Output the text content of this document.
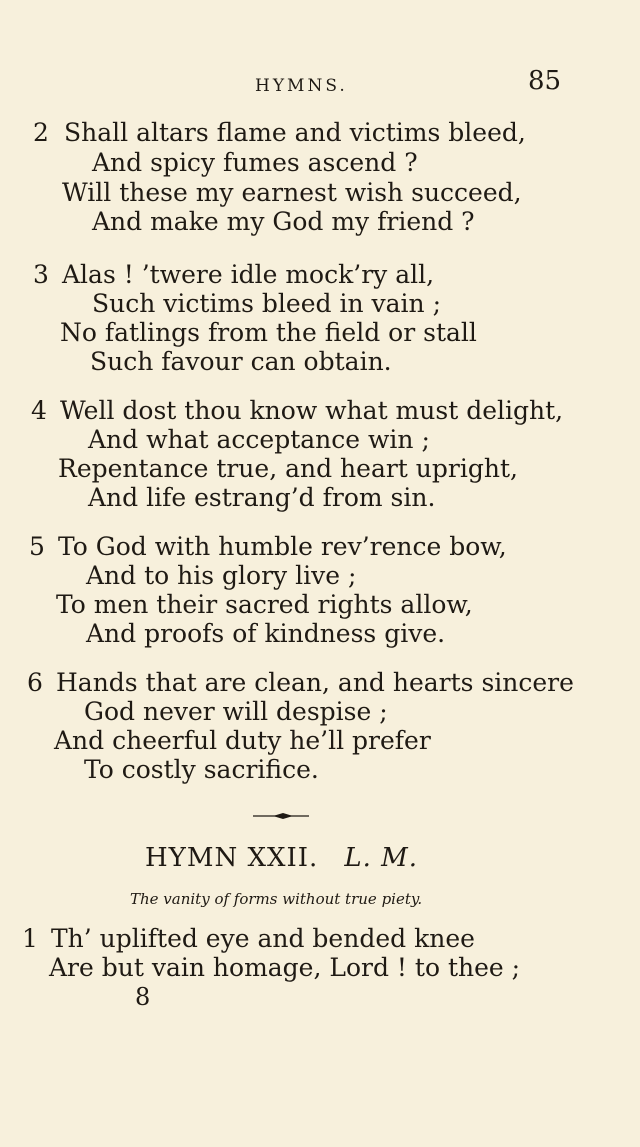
HYMNS.	85
2 Shall altars flame and victims bleed,
And spicy fumes ascend ?
Will these my earnest wish succeed,
And make my God my friend ?
3 Alas ! ’twere idle mock’ry all,
Such victims bleed in vain ;
No fatlings from the field or stall
Such favour can obtain.
4 Well dost thou know what must delight,
And what acceptance win ;
Repentance true, and heart upright,
And life estrang’d from sin.
5 To God with humble rev’rence bow,
And to his glory live ;
To men their sacred rights allow,
And proofs of kindness give.
6 Hands that are clean, and hearts sincere
God never will despise ;
And cheerful duty he’ll prefer
To costly sacrifice.
HYMN XXII. L. M.
The vanity of forms without true piety.
1 Th’ uplifted eye and bended knee
Are but vain homage, Lord ! to thee ;
8
